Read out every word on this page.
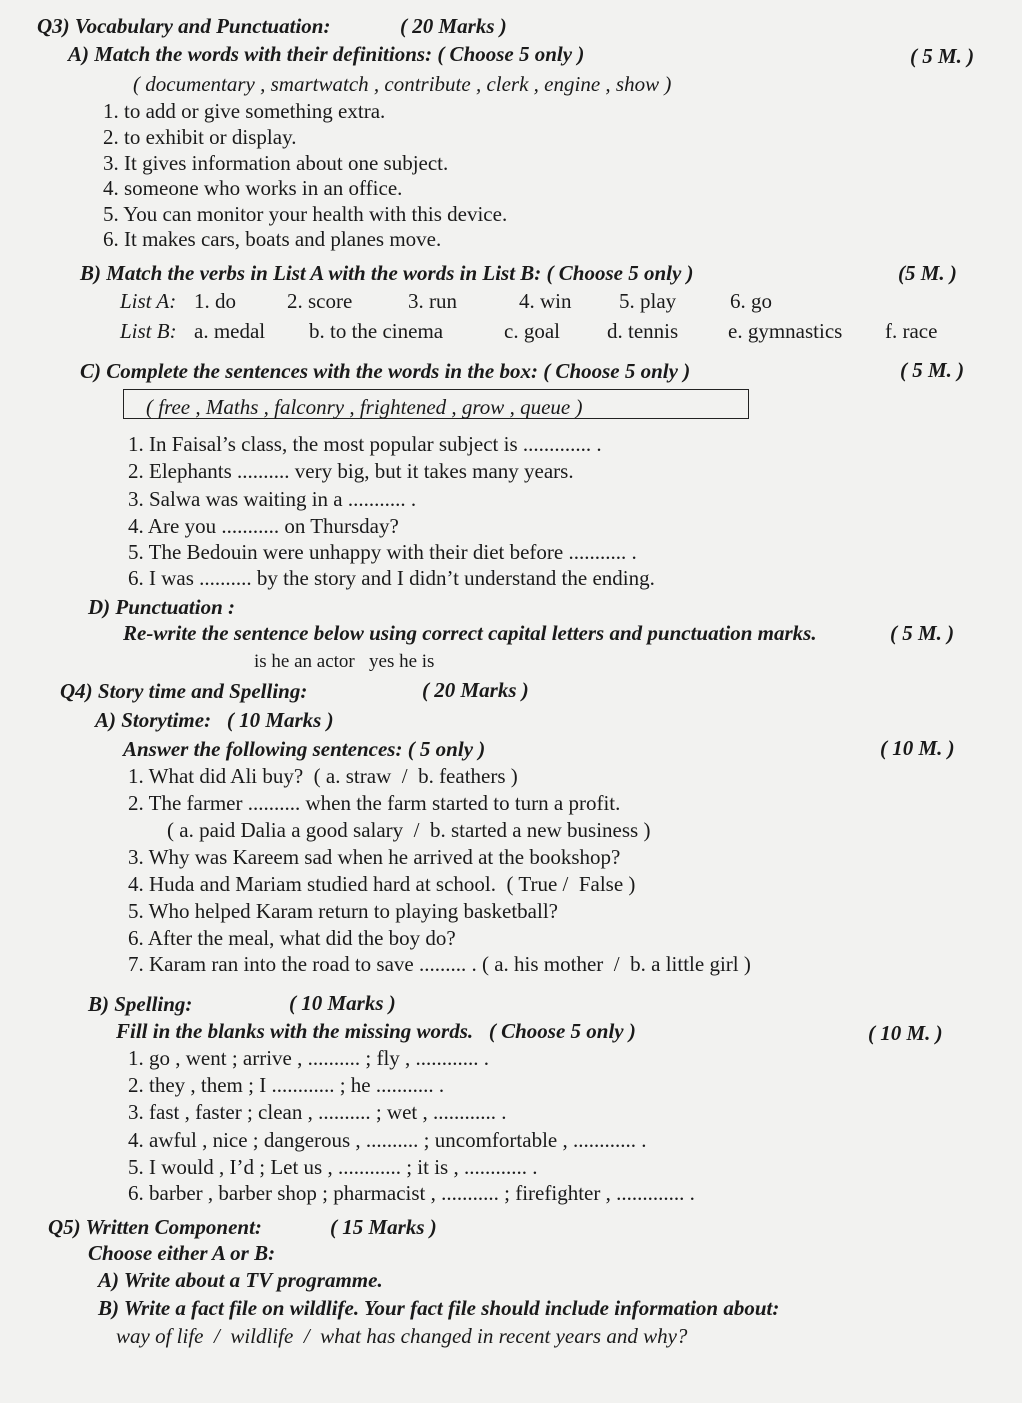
Q3) Vocabulary and Punctuation:	( 20 Marks )
A) Match the words with their definitions: ( Choose 5 only )	( 5 M. )
( documentary , smartwatch , contribute , clerk , engine , show )
1. to add or give something extra.
2. to exhibit or display.
3. It gives information about one subject.
4. someone who works in an office.
5. You can monitor your health with this device.
6. It makes cars, boats and planes move.
B) Match the verbs in List A with the words in List B: ( Choose 5 only )	(5 M. )
List A: 1. do 2. score	3. run	4. win 5. play	6. go
List B: a. medal b. to the cinema	c. goal d. tennis e. gymnastics f. race
C) Complete the sentences with the words in the box: ( Choose 5 only )	( 5 M. )
( free , Maths , falconry , frightened , grow , queue )
1. In Faisal’s class, the most popular subject is ............. .
2. Elephants .......... very big, but it takes many years.
3. Salwa was waiting in a ........... .
4. Are you ........... on Thursday?
5. The Bedouin were unhappy with their diet before ........... .
6. I was .......... by the story and I didn’t understand the ending.
D) Punctuation :
Re-write the sentence below using correct capital letters and punctuation marks.	( 5 M. )
is he an actor   yes he is
Q4) Story time and Spelling:	( 20 Marks )
A) Storytime:   ( 10 Marks )
Answer the following sentences: ( 5 only )	( 10 M. )
1. What did Ali buy?  ( a. straw  /  b. feathers )
2. The farmer .......... when the farm started to turn a profit.
( a. paid Dalia a good salary  /  b. started a new business )
3. Why was Kareem sad when he arrived at the bookshop?
4. Huda and Mariam studied hard at school.  ( True /  False )
5. Who helped Karam return to playing basketball?
6. After the meal, what did the boy do?
7. Karam ran into the road to save ......... . ( a. his mother  /  b. a little girl )
B) Spelling:	( 10 Marks )
Fill in the blanks with the missing words.   ( Choose 5 only )	( 10 M. )
1. go , went ; arrive , .......... ; fly , ............ .
2. they , them ; I ............ ; he ........... .
3. fast , faster ; clean , .......... ; wet , ............ .
4. awful , nice ; dangerous , .......... ; uncomfortable , ............ .
5. I would , I’d ; Let us , ............ ; it is , ............ .
6. barber , barber shop ; pharmacist , ........... ; firefighter , ............. .
Q5) Written Component:	( 15 Marks )
Choose either A or B:
A) Write about a TV programme.
B) Write a fact file on wildlife. Your fact file should include information about:
way of life  /  wildlife  /  what has changed in recent years and why?
